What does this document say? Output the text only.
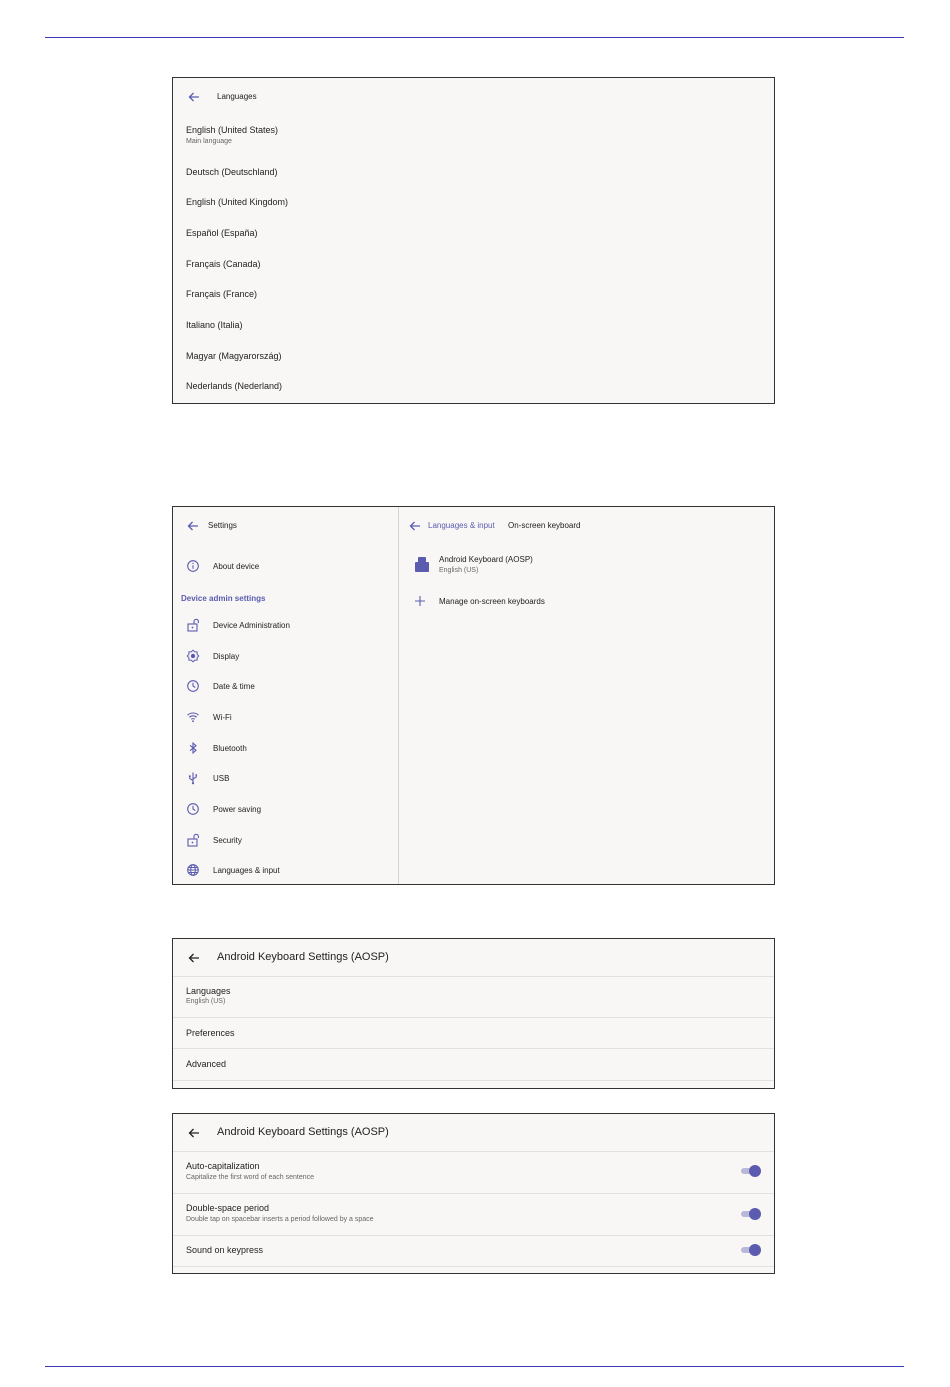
Languages
English (United States)
Main language
Deutsch (Deutschland)
English (United Kingdom)
Español (España)
Français (Canada)
Français (France)
Italiano (Italia)
Magyar (Magyarország)
Nederlands (Nederland)
Settings
About device
Device admin settings
Device Administration
Display
Date & time
Wi-Fi
Bluetooth
USB
Power saving
Security
Languages & input
Languages & input On-screen keyboard
Android Keyboard (AOSP)
English (US)
Manage on-screen keyboards
Android Keyboard Settings (AOSP)
Languages
English (US)
Preferences
Advanced
Android Keyboard Settings (AOSP)
Auto-capitalization
Capitalize the first word of each sentence
Double-space period
Double tap on spacebar inserts a period followed by a space
Sound on keypress
